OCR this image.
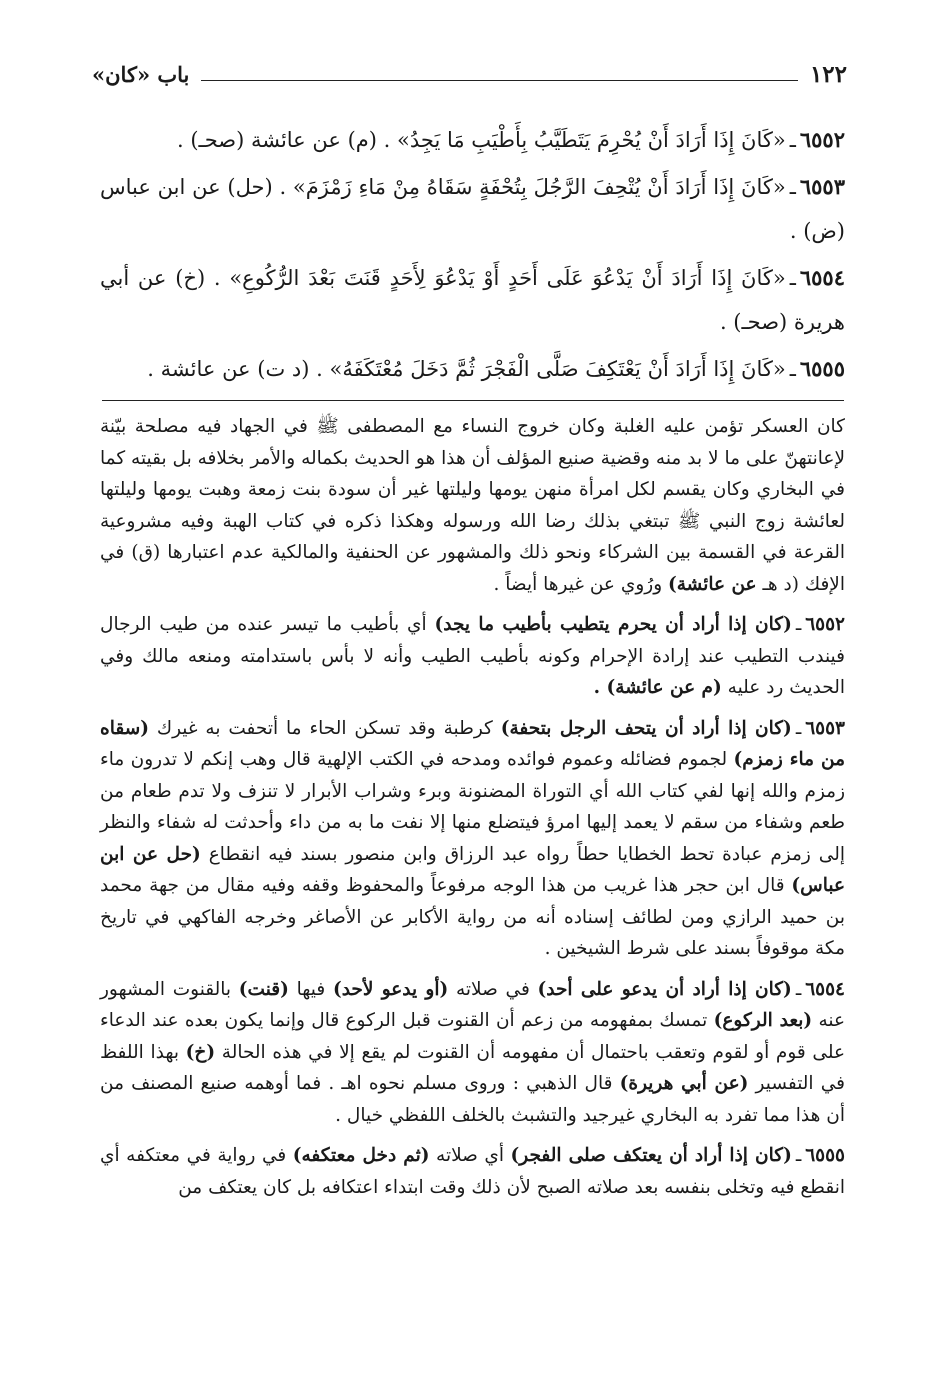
١٢٢
باب «كان»
٦٥٥٢ـ«كَانَ إِذَا أَرَادَ أَنْ يُحْرِمَ يَتَطَيَّبُ بِأَطْيَبِ مَا يَجِدُ» . (م) عن عائشة (صحـ) .
٦٥٥٣ـ«كَانَ إِذَا أَرَادَ أَنْ يُتْحِفَ الرَّجُلَ بِتُحْفَةٍ سَقَاهُ مِنْ مَاءِ زَمْزَمَ» . (حل) عن ابن عباس (ض) .
٦٥٥٤ـ«كَانَ إِذَا أَرَادَ أَنْ يَدْعُوَ عَلَى أَحَدٍ أَوْ يَدْعُوَ لِأَحَدٍ قَنَتَ بَعْدَ الرُّكُوعِ» . (خ) عن أبي هريرة (صحـ) .
٦٥٥٥ـ«كَانَ إِذَا أَرَادَ أَنْ يَعْتَكِفَ صَلَّى الْفَجْرَ ثُمَّ دَخَلَ مُعْتَكَفَهُ» . (د ت) عن عائشة .

كان العسكر تؤمن عليه الغلبة وكان خروج النساء مع المصطفى ﷺ في الجهاد فيه مصلحة بيّنة لإعانتهنّ على ما لا بد منه وقضية صنيع المؤلف أن هذا هو الحديث بكماله والأمر بخلافه بل بقيته كما في البخاري وكان يقسم لكل امرأة منهن يومها وليلتها غير أن سودة بنت زمعة وهبت يومها وليلتها لعائشة زوج النبي ﷺ تبتغي بذلك رضا الله ورسوله وهكذا ذكره في كتاب الهبة وفيه مشروعية القرعة في القسمة بين الشركاء ونحو ذلك والمشهور عن الحنفية والمالكية عدم اعتبارها (ق) في الإفك (د هـ عن عائشة) ورُوي عن غيرها أيضاً .

٦٥٥٢ـ(كان إذا أراد أن يحرم يتطيب بأطيب ما يجد) أي بأطيب ما تيسر عنده من طيب الرجال فيندب التطيب عند إرادة الإحرام وكونه بأطيب الطيب وأنه لا بأس باستدامته ومنعه مالك وفي الحديث رد عليه (م عن عائشة) .

٦٥٥٣ـ(كان إذا أراد أن يتحف الرجل بتحفة) كرطبة وقد تسكن الحاء ما أتحفت به غيرك (سقاه من ماء زمزم) لجموم فضائله وعموم فوائده ومدحه في الكتب الإلهية قال وهب إنكم لا تدرون ماء زمزم والله إنها لفي كتاب الله أي التوراة المضنونة وبرء وشراب الأبرار لا تنزف ولا تدم طعام من طعم وشفاء من سقم لا يعمد إليها امرؤ فيتضلع منها إلا نفت ما به من داء وأحدثت له شفاء والنظر إلى زمزم عبادة تحط الخطايا حطاً رواه عبد الرزاق وابن منصور بسند فيه انقطاع (حل عن ابن عباس) قال ابن حجر هذا غريب من هذا الوجه مرفوعاً والمحفوظ وقفه وفيه مقال من جهة محمد بن حميد الرازي ومن لطائف إسناده أنه من رواية الأكابر عن الأصاغر وخرجه الفاكهي في تاريخ مكة موقوفاً بسند على شرط الشيخين .

٦٥٥٤ـ(كان إذا أراد أن يدعو على أحد) في صلاته (أو يدعو لأحد) فيها (قنت) بالقنوت المشهور عنه (بعد الركوع) تمسك بمفهومه من زعم أن القنوت قبل الركوع قال وإنما يكون بعده عند الدعاء على قوم أو لقوم وتعقب باحتمال أن مفهومه أن القنوت لم يقع إلا في هذه الحالة (خ) بهذا اللفظ في التفسير (عن أبي هريرة) قال الذهبي : وروى مسلم نحوه اهـ . فما أوهمه صنيع المصنف من أن هذا مما تفرد به البخاري غيرجيد والتشبث بالخلف اللفظي خيال .

٦٥٥٥ـ(كان إذا أراد أن يعتكف صلى الفجر) أي صلاته (ثم دخل معتكفه) في رواية في معتكفه أي انقطع فيه وتخلى بنفسه بعد صلاته الصبح لأن ذلك وقت ابتداء اعتكافه بل كان يعتكف من
